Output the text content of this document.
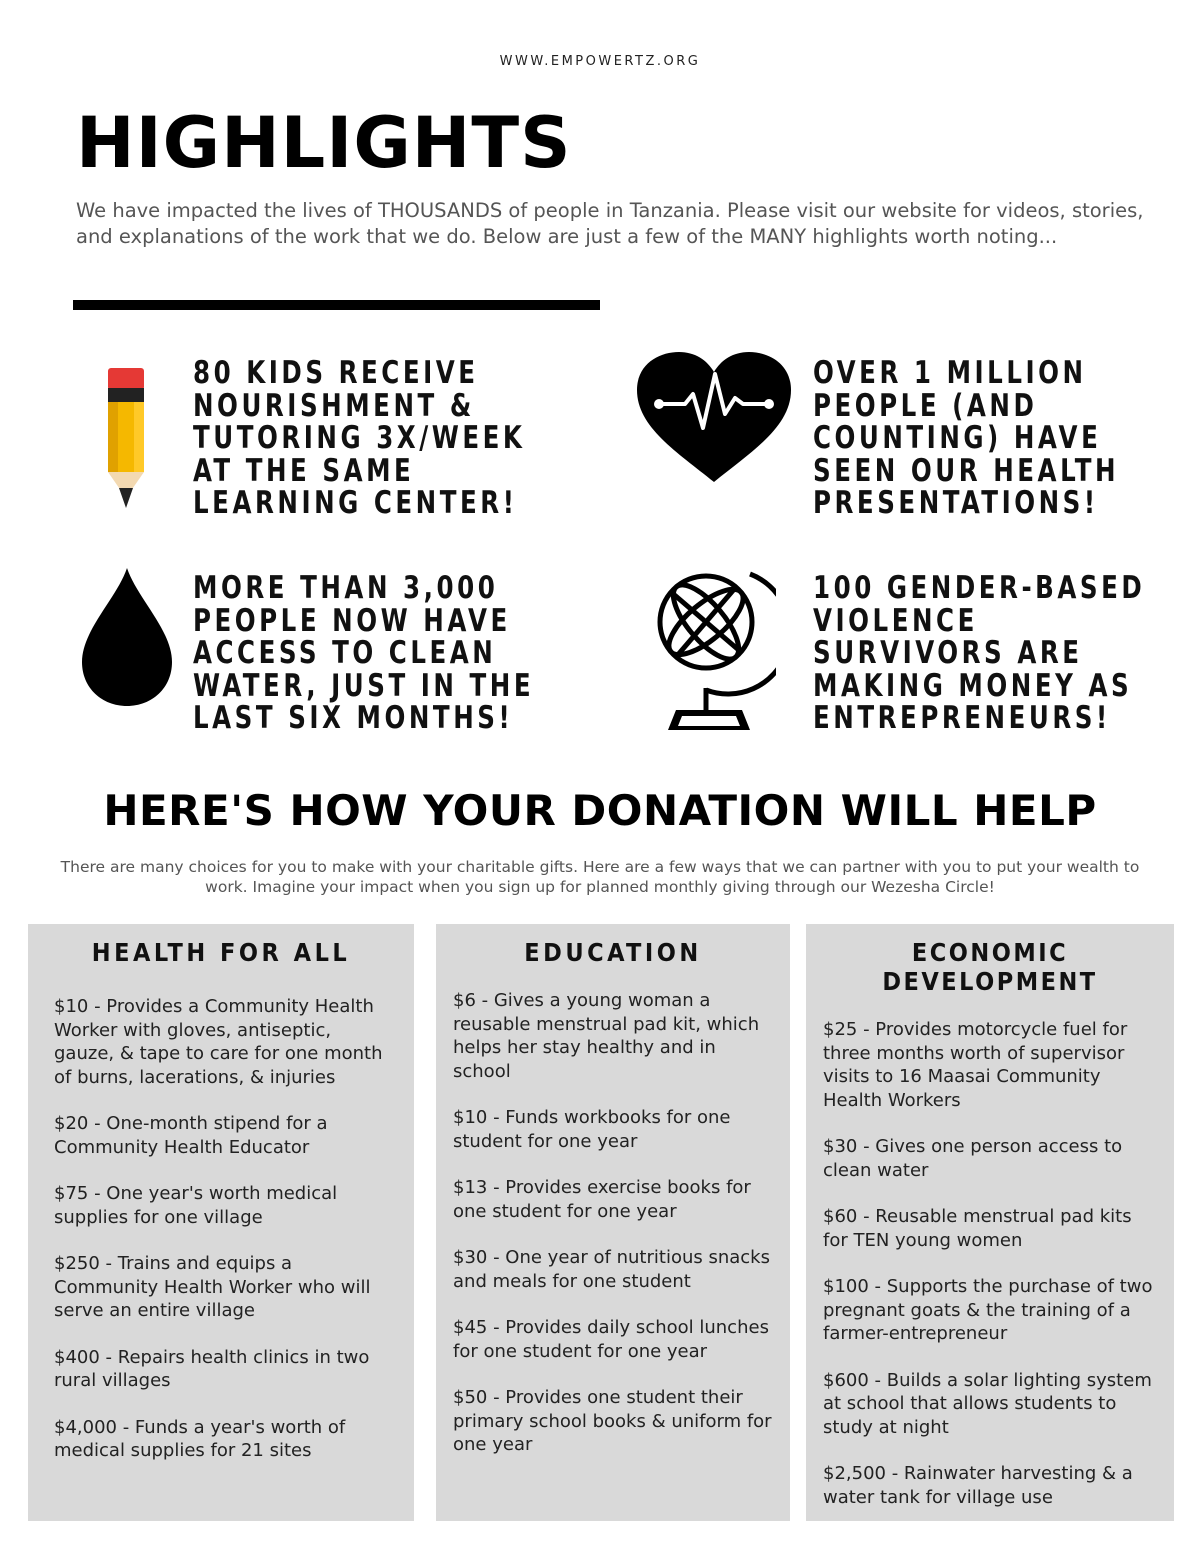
WWW.EMPOWERTZ.ORG
HIGHLIGHTS

We have impacted the lives of THOUSANDS of people in Tanzania. Please visit our website for videos, stories, and explanations of the work that we do. Below are just a few of the MANY highlights worth noting...

80 KIDS RECEIVE
NOURISHMENT &
TUTORING 3X/WEEK
AT THE SAME
LEARNING CENTER!

OVER 1 MILLION
PEOPLE (AND
COUNTING) HAVE
SEEN OUR HEALTH
PRESENTATIONS!

MORE THAN 3,000
PEOPLE NOW HAVE
ACCESS TO CLEAN
WATER, JUST IN THE
LAST SIX MONTHS!

100 GENDER-BASED
VIOLENCE
SURVIVORS ARE
MAKING MONEY AS
ENTREPRENEURS!

HERE'S HOW YOUR DONATION WILL HELP

There are many choices for you to make with your charitable gifts. Here are a few ways that we can partner with you to put your wealth to work. Imagine your impact when you sign up for planned monthly giving through our Wezesha Circle!

HEALTH FOR ALL
$10 - Provides a Community Health Worker with gloves, antiseptic, gauze, & tape to care for one month of burns, lacerations, & injuries
$20 - One-month stipend for a Community Health Educator
$75 - One year's worth medical supplies for one village
$250 - Trains and equips a Community Health Worker who will serve an entire village
$400 - Repairs health clinics in two rural villages
$4,000 - Funds a year's worth of medical supplies for 21 sites
EDUCATION
$6 - Gives a young woman a reusable menstrual pad kit, which helps her stay healthy and in school
$10 - Funds workbooks for one student for one year
$13 - Provides exercise books for one student for one year
$30 - One year of nutritious snacks and meals for one student
$45 - Provides daily school lunches for one student for one year
$50 - Provides one student their primary school books & uniform for one year
ECONOMIC DEVELOPMENT
$25 - Provides motorcycle fuel for three months worth of supervisor visits to 16 Maasai Community Health Workers
$30 - Gives one person access to clean water
$60 - Reusable menstrual pad kits for TEN young women
$100 - Supports the purchase of two pregnant goats & the training of a farmer-entrepreneur
$600 - Builds a solar lighting system at school that allows students to study at night
$2,500 - Rainwater harvesting & a water tank for village use
